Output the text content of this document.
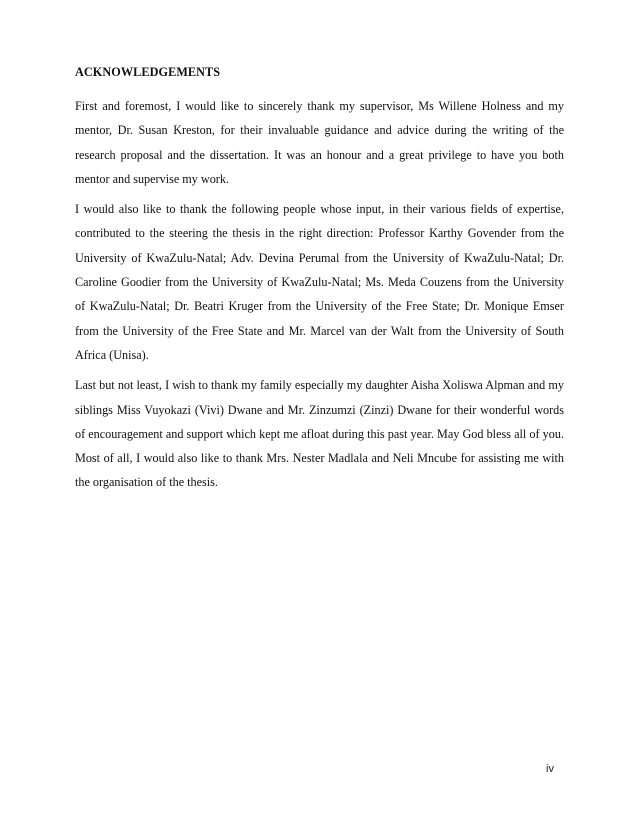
ACKNOWLEDGEMENTS

First and foremost, I would like to sincerely thank my supervisor, Ms Willene Holness and my mentor, Dr. Susan Kreston, for their invaluable guidance and advice during the writing of the research proposal and the dissertation. It was an honour and a great privilege to have you both mentor and supervise my work.

I would also like to thank the following people whose input, in their various fields of expertise, contributed to the steering the thesis in the right direction: Professor Karthy Govender from the University of KwaZulu-Natal; Adv. Devina Perumal from the University of KwaZulu-Natal; Dr. Caroline Goodier from the University of KwaZulu-Natal; Ms. Meda Couzens from the University of KwaZulu-Natal; Dr. Beatri Kruger from the University of the Free State; Dr. Monique Emser from the University of the Free State and Mr. Marcel van der Walt from the University of South Africa (Unisa).

Last but not least, I wish to thank my family especially my daughter Aisha Xoliswa Alpman and my siblings Miss Vuyokazi (Vivi) Dwane and Mr. Zinzumzi (Zinzi) Dwane for their wonderful words of encouragement and support which kept me afloat during this past year. May God bless all of you. Most of all, I would also like to thank Mrs. Nester Madlala and Neli Mncube for assisting me with the organisation of the thesis.

iv
